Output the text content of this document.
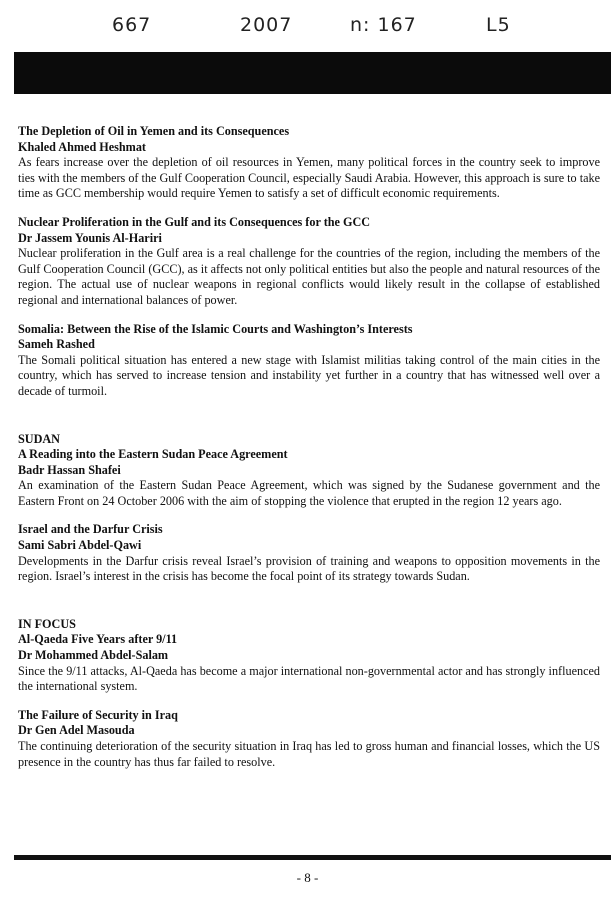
667	2007	n: 167	L5

The Depletion of Oil in Yemen and its Consequences

Khaled Ahmed Heshmat

As fears increase over the depletion of oil resources in Yemen, many political forces in the country seek to improve ties with the members of the Gulf Cooperation Council, especially Saudi Arabia. However, this approach is sure to take time as GCC membership would require Yemen to satisfy a set of difficult economic requirements.

Nuclear Proliferation in the Gulf and its Consequences for the GCC

Dr Jassem Younis Al-Hariri

Nuclear proliferation in the Gulf area is a real challenge for the countries of the region, including the members of the Gulf Cooperation Council (GCC), as it affects not only political entities but also the people and natural resources of the region. The actual use of nuclear weapons in regional conflicts would likely result in the collapse of established regional and international balances of power.

Somalia: Between the Rise of the Islamic Courts and Washington’s Interests

Sameh Rashed

The Somali political situation has entered a new stage with Islamist militias taking control of the main cities in the country, which has served to increase tension and instability yet further in a country that has witnessed well over a decade of turmoil.

SUDAN

A Reading into the Eastern Sudan Peace Agreement

Badr Hassan Shafei

An examination of the Eastern Sudan Peace Agreement, which was signed by the Sudanese government and the Eastern Front on 24 October 2006 with the aim of stopping the violence that erupted in the region 12 years ago.

Israel and the Darfur Crisis

Sami Sabri Abdel-Qawi

Developments in the Darfur crisis reveal Israel’s provision of training and weapons to opposition movements in the region. Israel’s interest in the crisis has become the focal point of its strategy towards Sudan.

IN FOCUS

Al-Qaeda Five Years after 9/11

Dr Mohammed Abdel-Salam

Since the 9/11 attacks, Al-Qaeda has become a major international non-governmental actor and has strongly influenced the international system.

The Failure of Security in Iraq

Dr Gen Adel Masouda

The continuing deterioration of the security situation in Iraq has led to gross human and financial losses, which the US presence in the country has thus far failed to resolve.

- 8 -
